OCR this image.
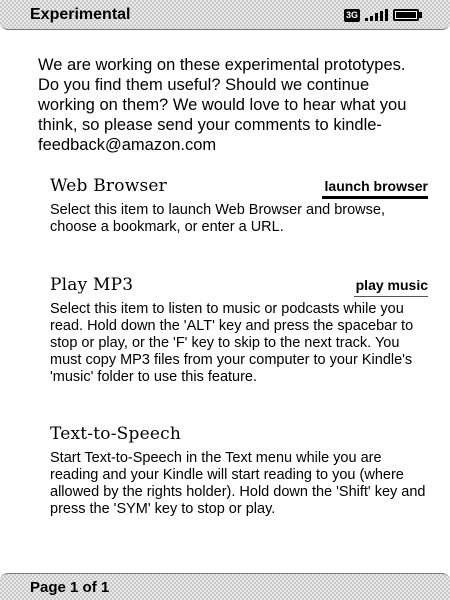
Experimental	3G

We are working on these experimental prototypes. Do you find them useful? Should we continue working on them? We would love to hear what you think, so please send your comments to kindle-feedback@amazon.com

Web Browser	launch browser

Select this item to launch Web Browser and browse, choose a bookmark, or enter a URL.

Play MP3	play music

Select this item to listen to music or podcasts while you read. Hold down the 'ALT' key and press the spacebar to stop or play, or the 'F' key to skip to the next track. You must copy MP3 files from your computer to your Kindle's 'music' folder to use this feature.

Text-to-Speech

Start Text-to-Speech in the Text menu while you are reading and your Kindle will start reading to you (where allowed by the rights holder). Hold down the 'Shift' key and press the 'SYM' key to stop or play.

Page 1 of 1
